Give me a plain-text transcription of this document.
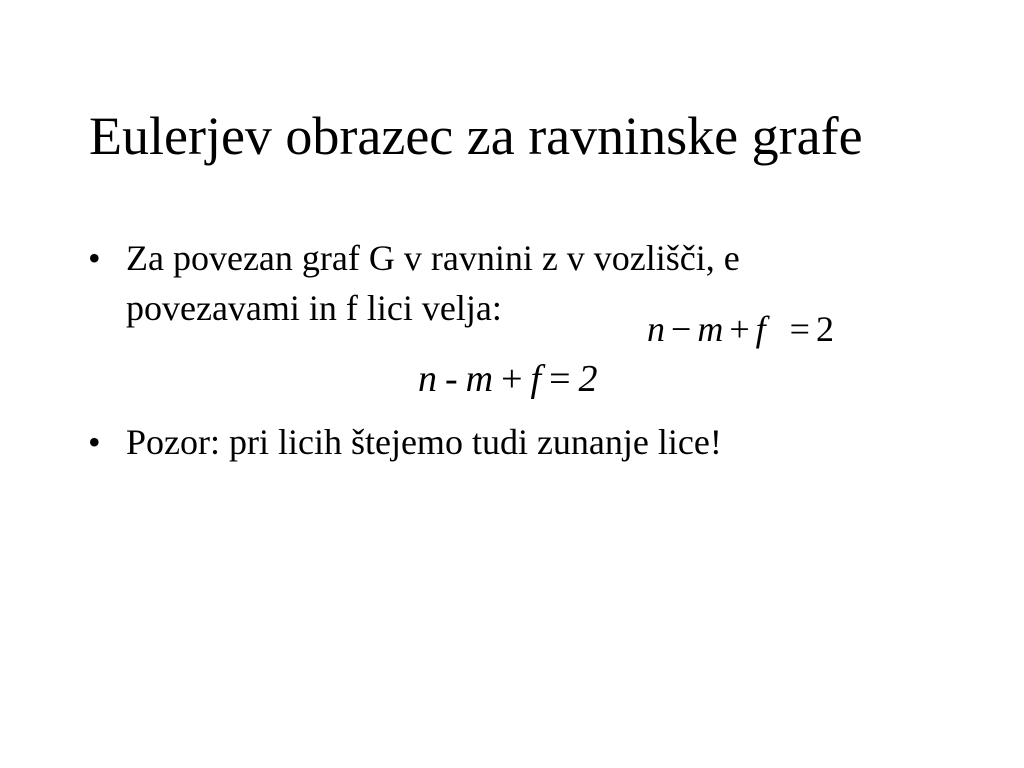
Eulerjev obrazec za ravninske grafe
• Za povezan graf G v ravnini z v vozlišči, e
povezavami in f lici velja:
n − m + f = 2
n - m + f = 2
• Pozor: pri licih štejemo tudi zunanje lice!
